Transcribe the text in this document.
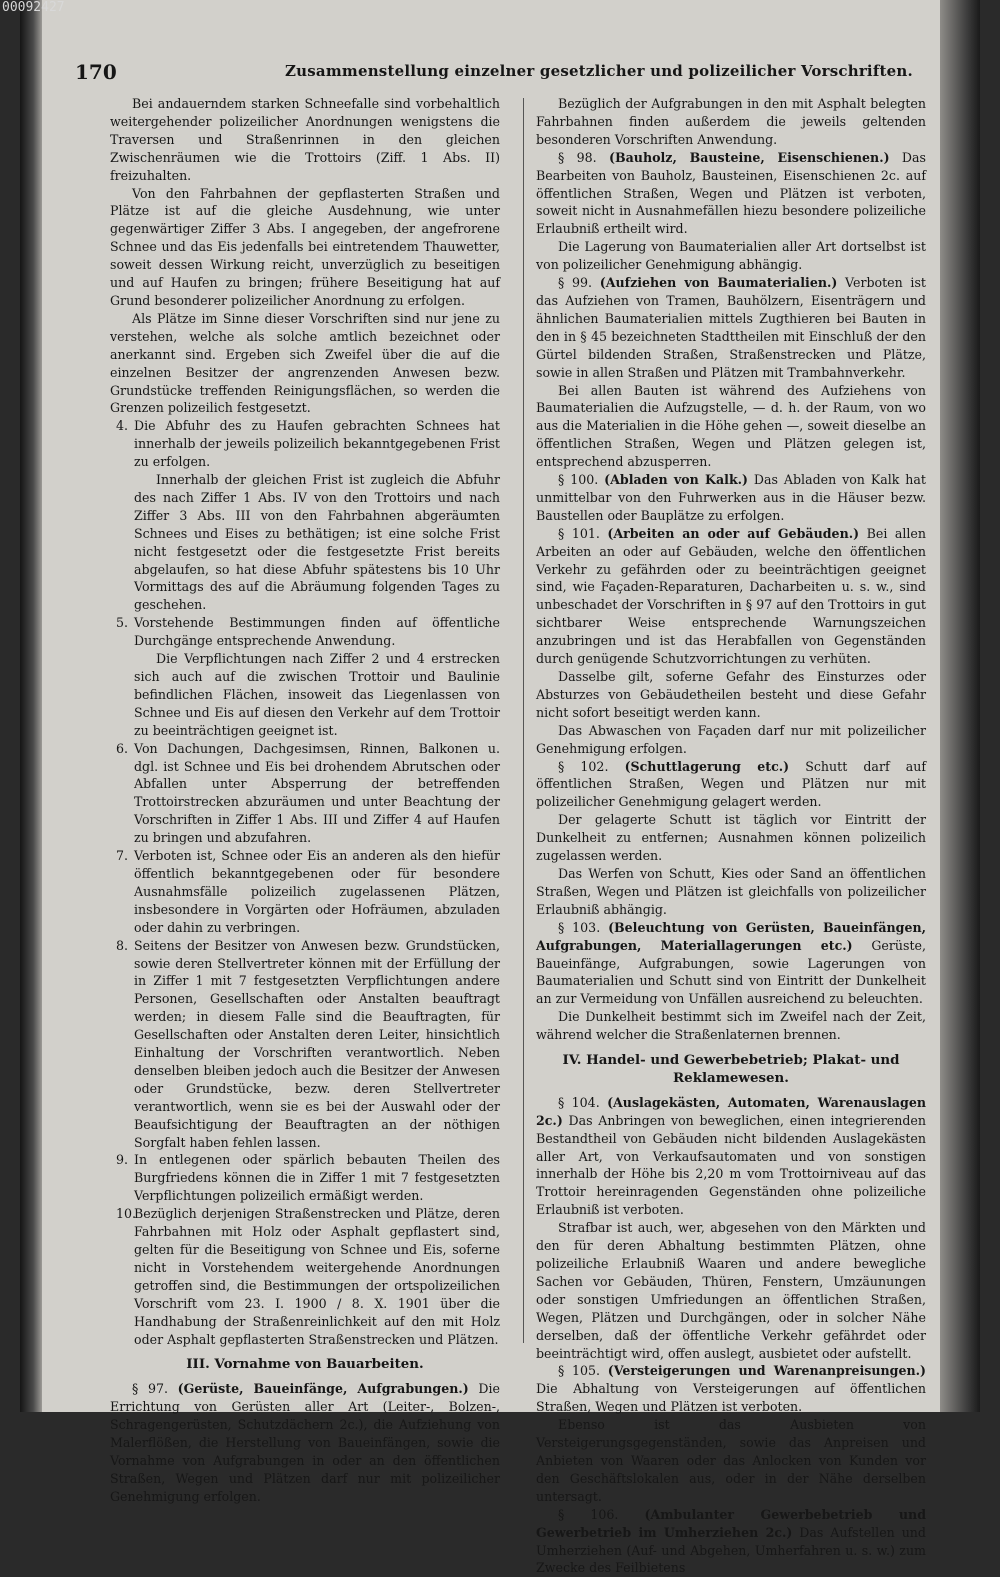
00092427
170	Zusammenstellung einzelner gesetzlicher und polizeilicher Vorschriften.

Bei andauerndem starken Schneefalle sind vorbehaltlich weitergehender polizeilicher Anordnungen wenigstens die Traversen und Straßenrinnen in den gleichen Zwischenräumen wie die Trottoirs (Ziff. 1 Abs. II) freizuhalten.

Von den Fahrbahnen der gepflasterten Straßen und Plätze ist auf die gleiche Ausdehnung, wie unter gegenwärtiger Ziffer 3 Abs. I angegeben, der angefrorene Schnee und das Eis jedenfalls bei eintretendem Thauwetter, soweit dessen Wirkung reicht, unverzüglich zu beseitigen und auf Haufen zu bringen; frühere Beseitigung hat auf Grund besonderer polizeilicher Anordnung zu erfolgen.

Als Plätze im Sinne dieser Vorschriften sind nur jene zu verstehen, welche als solche amtlich bezeichnet oder anerkannt sind. Ergeben sich Zweifel über die auf die einzelnen Besitzer der angrenzenden Anwesen bezw. Grundstücke treffenden Reinigungsflächen, so werden die Grenzen polizeilich festgesetzt.

4. Die Abfuhr des zu Haufen gebrachten Schnees hat innerhalb der jeweils polizeilich bekanntgegebenen Frist zu erfolgen.

Innerhalb der gleichen Frist ist zugleich die Abfuhr des nach Ziffer 1 Abs. IV von den Trottoirs und nach Ziffer 3 Abs. III von den Fahrbahnen abgeräumten Schnees und Eises zu bethätigen; ist eine solche Frist nicht festgesetzt oder die festgesetzte Frist bereits abgelaufen, so hat diese Abfuhr spätestens bis 10 Uhr Vormittags des auf die Abräumung folgenden Tages zu geschehen.

5. Vorstehende Bestimmungen finden auf öffentliche Durchgänge entsprechende Anwendung.

Die Verpflichtungen nach Ziffer 2 und 4 erstrecken sich auch auf die zwischen Trottoir und Baulinie befindlichen Flächen, insoweit das Liegenlassen von Schnee und Eis auf diesen den Verkehr auf dem Trottoir zu beeinträchtigen geeignet ist.

6. Von Dachungen, Dachgesimsen, Rinnen, Balkonen u. dgl. ist Schnee und Eis bei drohendem Abrutschen oder Abfallen unter Absperrung der betreffenden Trottoirstrecken abzuräumen und unter Beachtung der Vorschriften in Ziffer 1 Abs. III und Ziffer 4 auf Haufen zu bringen und abzufahren.

7. Verboten ist, Schnee oder Eis an anderen als den hiefür öffentlich bekanntgegebenen oder für besondere Ausnahmsfälle polizeilich zugelassenen Plätzen, insbesondere in Vorgärten oder Hofräumen, abzuladen oder dahin zu verbringen.

8. Seitens der Besitzer von Anwesen bezw. Grundstücken, sowie deren Stellvertreter können mit der Erfüllung der in Ziffer 1 mit 7 festgesetzten Verpflichtungen andere Personen, Gesellschaften oder Anstalten beauftragt werden; in diesem Falle sind die Beauftragten, für Gesellschaften oder Anstalten deren Leiter, hinsichtlich Einhaltung der Vorschriften verantwortlich. Neben denselben bleiben jedoch auch die Besitzer der Anwesen oder Grundstücke, bezw. deren Stellvertreter verantwortlich, wenn sie es bei der Auswahl oder der Beaufsichtigung der Beauftragten an der nöthigen Sorgfalt haben fehlen lassen.

9. In entlegenen oder spärlich bebauten Theilen des Burgfriedens können die in Ziffer 1 mit 7 festgesetzten Verpflichtungen polizeilich ermäßigt werden.

10.

Bezüglich derjenigen Straßenstrecken und Plätze, deren Fahrbahnen mit Holz oder Asphalt gepflastert sind, gelten für die Beseitigung von Schnee und Eis, soferne nicht in Vorstehendem weitergehende Anordnungen getroffen sind, die Bestimmungen der ortspolizeilichen Vorschrift vom 23. I. 1900 / 8. X. 1901 über die Handhabung der Straßenreinlichkeit auf den mit Holz oder Asphalt gepflasterten Straßenstrecken und Plätzen.

III. Vornahme von Bauarbeiten.

§ 97. (Gerüste, Baueinfänge, Aufgrabungen.) Die Errichtung von Gerüsten aller Art (Leiter-, Bolzen-, Schragengerüsten, Schutzdächern 2c.), die Aufziehung von Malerflößen, die Herstellung von Baueinfängen, sowie die Vornahme von Aufgrabungen in oder an den öffentlichen Straßen, Wegen und Plätzen darf nur mit polizeilicher Genehmigung erfolgen.

Bezüglich der Aufgrabungen in den mit Asphalt belegten Fahrbahnen finden außerdem die jeweils geltenden besonderen Vorschriften Anwendung.

§ 98. (Bauholz, Bausteine, Eisenschienen.) Das Bearbeiten von Bauholz, Bausteinen, Eisenschienen 2c. auf öffentlichen Straßen, Wegen und Plätzen ist verboten, soweit nicht in Ausnahmefällen hiezu besondere polizeiliche Erlaubniß ertheilt wird.

Die Lagerung von Baumaterialien aller Art dortselbst ist von polizeilicher Genehmigung abhängig.

§ 99. (Aufziehen von Baumaterialien.) Verboten ist das Aufziehen von Tramen, Bauhölzern, Eisenträgern und ähnlichen Baumaterialien mittels Zugthieren bei Bauten in den in § 45 bezeichneten Stadttheilen mit Einschluß der den Gürtel bildenden Straßen, Straßenstrecken und Plätze, sowie in allen Straßen und Plätzen mit Trambahnverkehr.

Bei allen Bauten ist während des Aufziehens von Baumaterialien die Aufzugstelle, — d. h. der Raum, von wo aus die Materialien in die Höhe gehen —, soweit dieselbe an öffentlichen Straßen, Wegen und Plätzen gelegen ist, entsprechend abzusperren.

§ 100. (Abladen von Kalk.) Das Abladen von Kalk hat unmittelbar von den Fuhrwerken aus in die Häuser bezw. Baustellen oder Bauplätze zu erfolgen.

§ 101. (Arbeiten an oder auf Gebäuden.) Bei allen Arbeiten an oder auf Gebäuden, welche den öffentlichen Verkehr zu gefährden oder zu beeinträchtigen geeignet sind, wie Façaden-Reparaturen, Dacharbeiten u. s. w., sind unbeschadet der Vorschriften in § 97 auf den Trottoirs in gut sichtbarer Weise entsprechende Warnungszeichen anzubringen und ist das Herabfallen von Gegenständen durch genügende Schutzvorrichtungen zu verhüten.

Dasselbe gilt, soferne Gefahr des Einsturzes oder Absturzes von Gebäudetheilen besteht und diese Gefahr nicht sofort beseitigt werden kann.

Das Abwaschen von Façaden darf nur mit polizeilicher Genehmigung erfolgen.

§ 102. (Schuttlagerung etc.) Schutt darf auf öffentlichen Straßen, Wegen und Plätzen nur mit polizeilicher Genehmigung gelagert werden.

Der gelagerte Schutt ist täglich vor Eintritt der Dunkelheit zu entfernen; Ausnahmen können polizeilich zugelassen werden.

Das Werfen von Schutt, Kies oder Sand an öffentlichen Straßen, Wegen und Plätzen ist gleichfalls von polizeilicher Erlaubniß abhängig.

§ 103. (Beleuchtung von Gerüsten, Baueinfängen, Aufgrabungen, Materiallagerungen etc.) Gerüste, Baueinfänge, Aufgrabungen, sowie Lagerungen von Baumaterialien und Schutt sind von Eintritt der Dunkelheit an zur Vermeidung von Unfällen ausreichend zu beleuchten.

Die Dunkelheit bestimmt sich im Zweifel nach der Zeit, während welcher die Straßenlaternen brennen.

IV. Handel- und Gewerbebetrieb; Plakat- und Reklamewesen.

§ 104. (Auslagekästen, Automaten, Warenauslagen 2c.) Das Anbringen von beweglichen, einen integrierenden Bestandtheil von Gebäuden nicht bildenden Auslagekästen aller Art, von Verkaufsautomaten und von sonstigen innerhalb der Höhe bis 2,20 m vom Trottoirniveau auf das Trottoir hereinragenden Gegenständen ohne polizeiliche Erlaubniß ist verboten.

Strafbar ist auch, wer, abgesehen von den Märkten und den für deren Abhaltung bestimmten Plätzen, ohne polizeiliche Erlaubniß Waaren und andere bewegliche Sachen vor Gebäuden, Thüren, Fenstern, Umzäunungen oder sonstigen Umfriedungen an öffentlichen Straßen, Wegen, Plätzen und Durchgängen, oder in solcher Nähe derselben, daß der öffentliche Verkehr gefährdet oder beeinträchtigt wird, offen auslegt, ausbietet oder aufstellt.

§ 105. (Versteigerungen und Warenanpreisungen.) Die Abhaltung von Versteigerungen auf öffentlichen Straßen, Wegen und Plätzen ist verboten.

Ebenso ist das Ausbieten von Versteigerungsgegenständen, sowie das Anpreisen und Anbieten von Waaren oder das Anlocken von Kunden vor den Geschäftslokalen aus, oder in der Nähe derselben untersagt.

§ 106. (Ambulanter Gewerbebetrieb und Gewerbetrieb im Umherziehen 2c.) Das Aufstellen und Umherziehen (Auf- und Abgehen, Umherfahren u. s. w.) zum Zwecke des Feilbietens
